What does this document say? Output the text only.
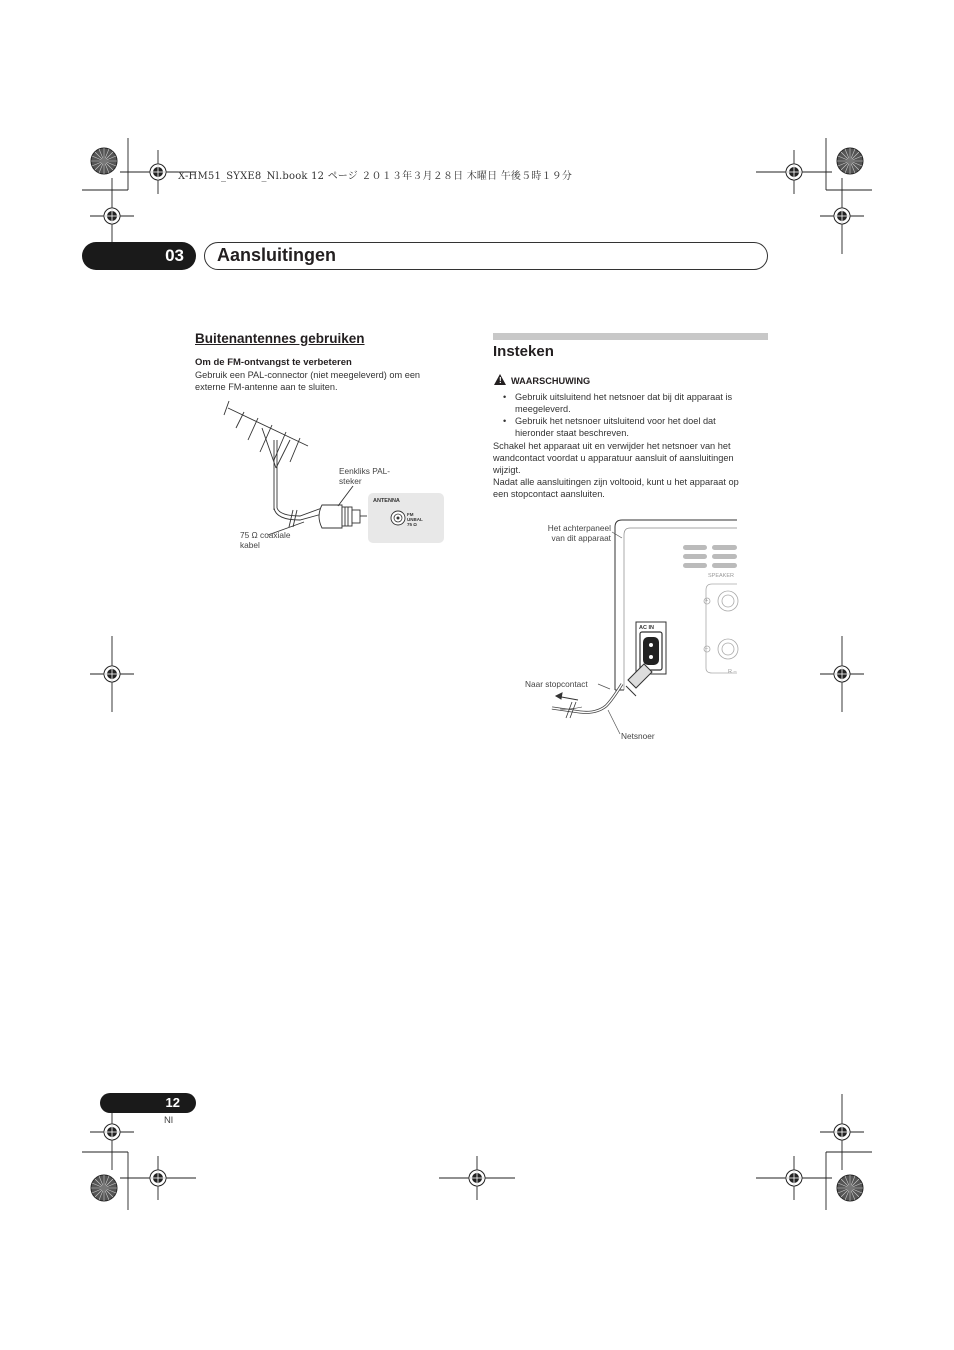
X-HM51_SYXE8_Nl.book 12 ページ ２０１３年３月２８日 木曜日 午後５時１９分
03	Aansluitingen
Buitenantennes gebruiken
Om de FM-ontvangst te verbeteren
Gebruik een PAL-connector (niet meegeleverd) om een
externe FM-antenne aan te sluiten.
Eenkliks PAL-
steker
75 Ω coaxiale
kabel
ANTENNA
FM
UNBAL
75 Ω
Insteken
! WAARSCHUWING
• Gebruik uitsluitend het netsnoer dat bij dit apparaat is
meegeleverd.
• Gebruik het netsnoer uitsluitend voor het doel dat
hieronder staat beschreven.
Schakel het apparaat uit en verwijder het netsnoer van het
wandcontact voordat u apparatuur aansluit of aansluitingen
wijzigt.
Nadat alle aansluitingen zijn voltooid, kunt u het apparaat op
een stopcontact aansluiten.
Het achterpaneel
van dit apparaat
Naar stopcontact
Netsnoer
AC IN
SPEAKER
R –
+
–
12
Nl
